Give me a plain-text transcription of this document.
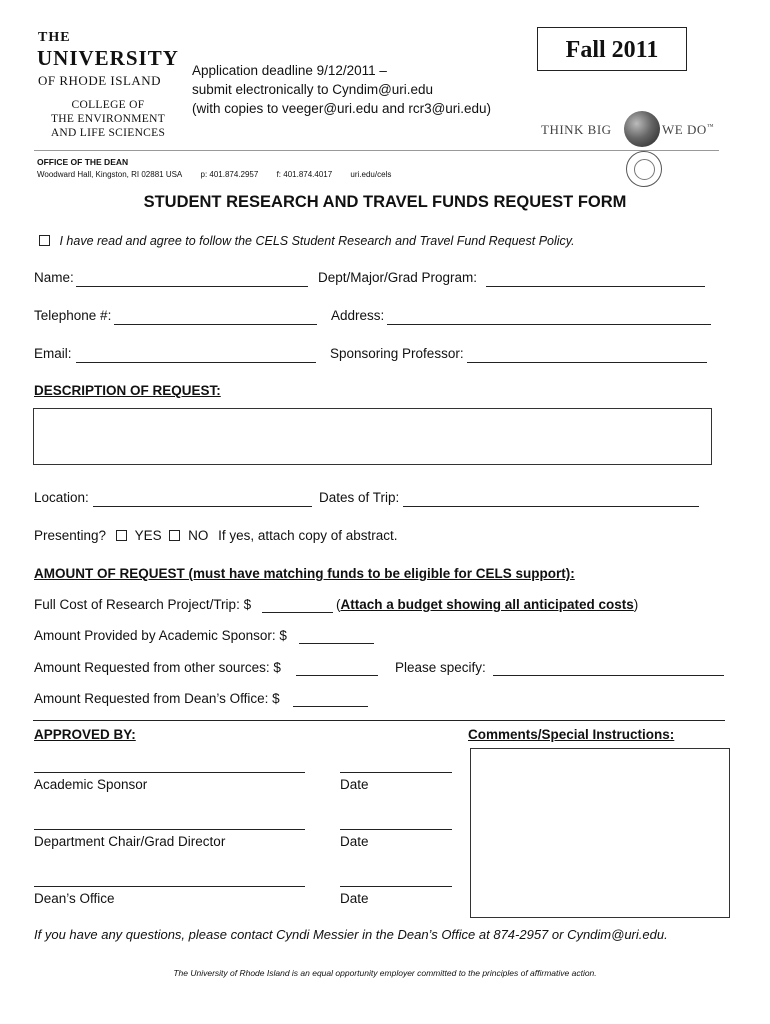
THE
UNIVERSITY
OF RHODE ISLAND
COLLEGE OF
THE ENVIRONMENT
AND LIFE SCIENCES
Application deadline 9/12/2011 –
submit electronically to Cyndim@uri.edu
(with copies to veeger@uri.edu and rcr3@uri.edu)
Fall 2011
THINK BIG	WE DO™
OFFICE OF THE DEAN
Woodward Hall, Kingston, RI 02881 USA p: 401.874.2957 f: 401.874.4017 uri.edu/cels
STUDENT RESEARCH AND TRAVEL FUNDS REQUEST FORM
I have read and agree to follow the CELS Student Research and Travel Fund Request Policy.
Name:	Dept/Major/Grad Program:
Telephone #:	Address:
Email:	Sponsoring Professor:
DESCRIPTION OF REQUEST:
Location:	Dates of Trip:
Presenting? YES NO If yes, attach copy of abstract.
AMOUNT OF REQUEST (must have matching funds to be eligible for CELS support):
Full Cost of Research Project/Trip: $	(Attach a budget showing all anticipated costs)
Amount Provided by Academic Sponsor: $
Amount Requested from other sources: $	Please specify:
Amount Requested from Dean’s Office: $
APPROVED BY:	Comments/Special Instructions:
Academic Sponsor	Date
Department Chair/Grad Director	Date
Dean’s Office	Date
If you have any questions, please contact Cyndi Messier in the Dean’s Office at 874-2957 or Cyndim@uri.edu.
The University of Rhode Island is an equal opportunity employer committed to the principles of affirmative action.
